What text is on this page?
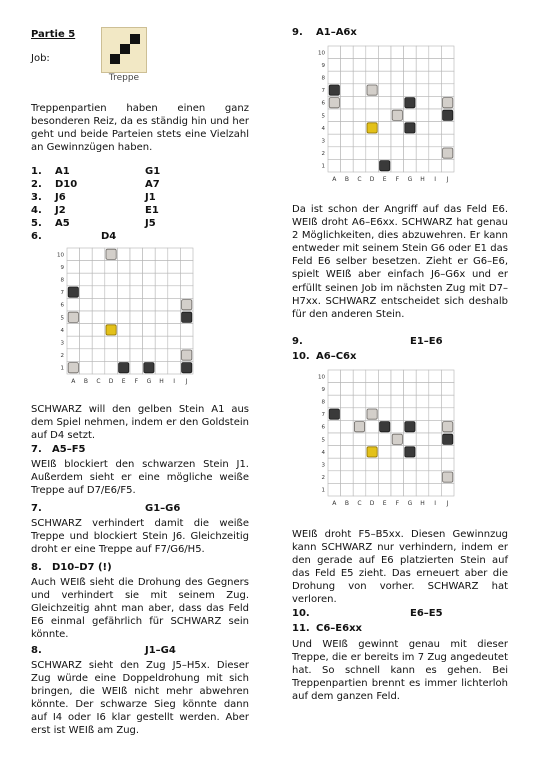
Partie 5
Job:
Treppe
Treppenpartien haben einen ganz besonderen Reiz, da es ständig hin und her geht und beide Parteien stets eine Vielzahl an Gewinnzügen haben.
1. A1	G1
2. D10	A7
3. J6	J1
4. J2	E1
5. A5	J5
6.	D4
10
9
8
7
6
5
4
3
2
1
A B C D E F G H I J
SCHWARZ will den gelben Stein A1 aus dem Spiel nehmen, indem er den Goldstein auf D4 setzt.
7. A5–F5
WEIß blockiert den schwarzen Stein J1. Außerdem sieht er eine mögliche weiße Treppe auf D7/E6/F5.
7.	G1–G6
SCHWARZ verhindert damit die weiße Treppe und blockiert Stein J6. Gleichzeitig droht er eine Treppe auf F7/G6/H5.
8. D10–D7 (!)
Auch WEIß sieht die Drohung des Gegners und verhindert sie mit seinem Zug. Gleichzeitig ahnt man aber, dass das Feld E6 einmal gefährlich für SCHWARZ sein könnte.
8.	J1–G4
SCHWARZ sieht den Zug J5–H5x. Dieser Zug würde eine Doppeldrohung mit sich bringen, die WEIß nicht mehr abwehren könnte. Der schwarze Sieg könnte dann auf I4 oder I6 klar gestellt werden. Aber erst ist WEIß am Zug.
9. A1–A6x
10
9
8
7
6
5
4
3
2
1
A B C D E F G H I J
Da ist schon der Angriff auf das Feld E6. WEIß droht A6–E6xx. SCHWARZ hat genau 2 Möglichkeiten, dies abzuwehren. Er kann entweder mit seinem Stein G6 oder E1 das Feld E6 selber besetzen. Zieht er G6–E6, spielt WEIß aber einfach J6–G6x und er erfüllt seinen Job im nächsten Zug mit D7–H7xx. SCHWARZ entscheidet sich deshalb für den anderen Stein.
9.	E1–E6
10. A6–C6x
10
9
8
7
6
5
4
3
2
1
A B C D E F G H I J
WEIß droht F5–B5xx. Diesen Gewinnzug kann SCHWARZ nur verhindern, indem er den gerade auf E6 platzierten Stein auf das Feld E5 zieht. Das erneuert aber die Drohung von vorher. SCHWARZ hat verloren.
10.	E6–E5
11. C6–E6xx
Und WEIß gewinnt genau mit dieser Treppe, die er bereits im 7 Zug angedeutet hat. So schnell kann es gehen. Bei Treppenpartien brennt es immer lichterloh auf dem ganzen Feld.
